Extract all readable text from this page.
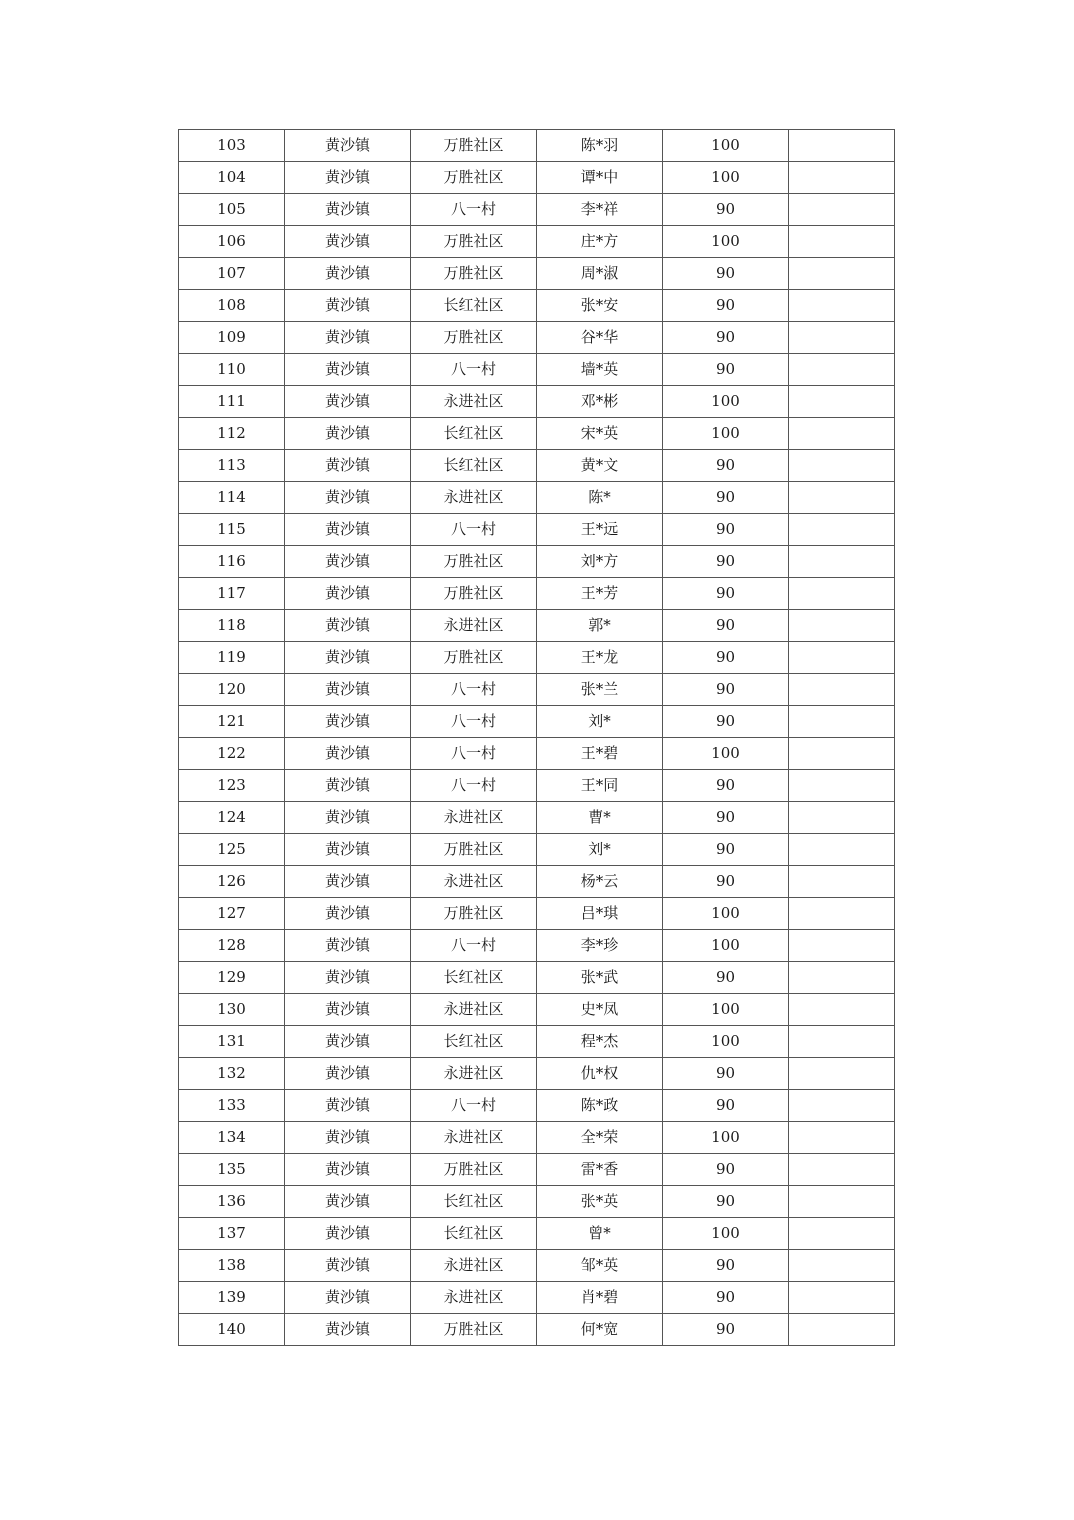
103	黄沙镇	万胜社区	陈*羽	100	
104	黄沙镇	万胜社区	谭*中	100	
105	黄沙镇	八一村	李*祥	90	
106	黄沙镇	万胜社区	庄*方	100	
107	黄沙镇	万胜社区	周*淑	90	
108	黄沙镇	长红社区	张*安	90	
109	黄沙镇	万胜社区	谷*华	90	
110	黄沙镇	八一村	墙*英	90	
111	黄沙镇	永进社区	邓*彬	100	
112	黄沙镇	长红社区	宋*英	100	
113	黄沙镇	长红社区	黄*文	90	
114	黄沙镇	永进社区	陈*	90	
115	黄沙镇	八一村	王*远	90	
116	黄沙镇	万胜社区	刘*方	90	
117	黄沙镇	万胜社区	王*芳	90	
118	黄沙镇	永进社区	郭*	90	
119	黄沙镇	万胜社区	王*龙	90	
120	黄沙镇	八一村	张*兰	90	
121	黄沙镇	八一村	刘*	90	
122	黄沙镇	八一村	王*碧	100	
123	黄沙镇	八一村	王*同	90	
124	黄沙镇	永进社区	曹*	90	
125	黄沙镇	万胜社区	刘*	90	
126	黄沙镇	永进社区	杨*云	90	
127	黄沙镇	万胜社区	吕*琪	100	
128	黄沙镇	八一村	李*珍	100	
129	黄沙镇	长红社区	张*武	90	
130	黄沙镇	永进社区	史*凤	100	
131	黄沙镇	长红社区	程*杰	100	
132	黄沙镇	永进社区	仇*权	90	
133	黄沙镇	八一村	陈*政	90	
134	黄沙镇	永进社区	全*荣	100	
135	黄沙镇	万胜社区	雷*香	90	
136	黄沙镇	长红社区	张*英	90	
137	黄沙镇	长红社区	曾*	100	
138	黄沙镇	永进社区	邹*英	90	
139	黄沙镇	永进社区	肖*碧	90	
140	黄沙镇	万胜社区	何*宽	90	
